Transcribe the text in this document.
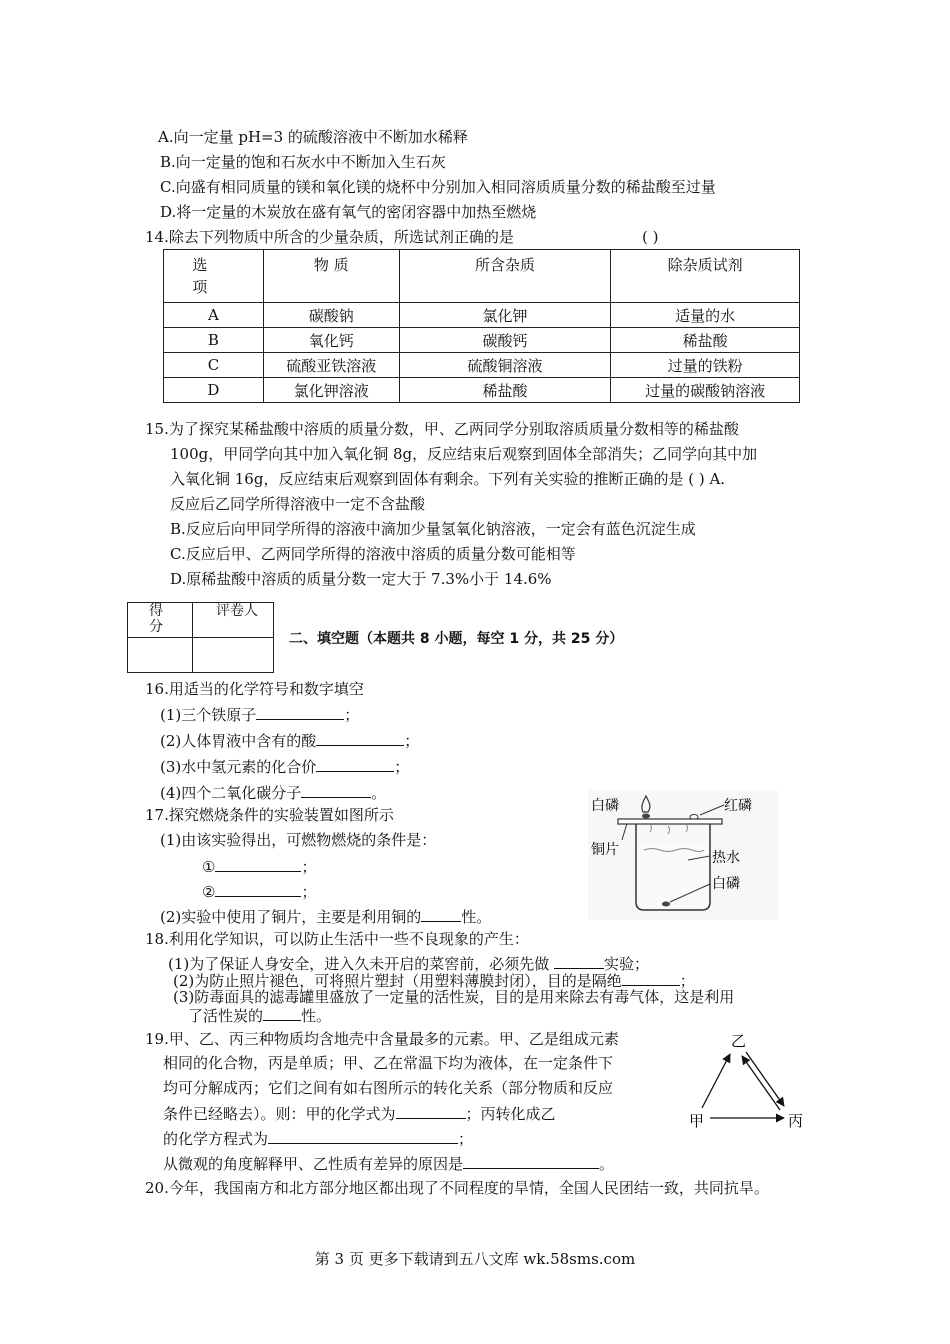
A.向一定量 pH=3 的硫酸溶液中不断加水稀释
B.向一定量的饱和石灰水中不断加入生石灰
C.向盛有相同质量的镁和氧化镁的烧杯中分别加入相同溶质质量分数的稀盐酸至过量
D.将一定量的木炭放在盛有氧气的密闭容器中加热至燃烧
14.除去下列物质中所含的少量杂质，所选试剂正确的是	( )
选项	物 质	所含杂质	除杂质试剂
A	碳酸钠	氯化钾	适量的水
B	氧化钙	碳酸钙	稀盐酸
C	硫酸亚铁溶液	硫酸铜溶液	过量的铁粉
D	氯化钾溶液	稀盐酸	过量的碳酸钠溶液
15.为了探究某稀盐酸中溶质的质量分数，甲、乙两同学分别取溶质质量分数相等的稀盐酸
100g，甲同学向其中加入氧化铜 8g，反应结束后观察到固体全部消失；乙同学向其中加
入氧化铜 16g，反应结束后观察到固体有剩余。下列有关实验的推断正确的是 ( ) A.
反应后乙同学所得溶液中一定不含盐酸
B.反应后向甲同学所得的溶液中滴加少量氢氧化钠溶液，一定会有蓝色沉淀生成
C.反应后甲、乙两同学所得的溶液中溶质的质量分数可能相等
D.原稀盐酸中溶质的质量分数一定大于 7.3%小于 14.6%
得分	评卷人

二、填空题（本题共 8 小题，每空 1 分，共 25 分）
16.用适当的化学符号和数字填空
(1)三个铁原子	；
(2)人体胃液中含有的酸	；
(3)水中氢元素的化合价	；
(4)四个二氧化碳分子	。
17.探究燃烧条件的实验装置如图所示
(1)由该实验得出，可燃物燃烧的条件是：
①	；
②	；
(2)实验中使用了铜片，主要是利用铜的	性。
白磷	红磷
铜片	热水
白磷
18.利用化学知识，可以防止生活中一些不良现象的产生：
(1)为了保证人身安全，进入久未开启的菜窖前，必须先做	实验；
(2)为防止照片褪色，可将照片塑封（用塑料薄膜封闭），目的是隔绝	；
(3)防毒面具的滤毒罐里盛放了一定量的活性炭，目的是用来除去有毒气体，这是利用
了活性炭的	性。
19.甲、乙、丙三种物质均含地壳中含量最多的元素。甲、乙是组成元素
相同的化合物，丙是单质；甲、乙在常温下均为液体，在一定条件下
均可分解成丙；它们之间有如右图所示的转化关系（部分物质和反应
条件已经略去）。则：甲的化学式为	；丙转化成乙
的化学方程式为	；
从微观的角度解释甲、乙性质有差异的原因是	。
乙
甲	丙
20.今年，我国南方和北方部分地区都出现了不同程度的旱情，全国人民团结一致，共同抗旱。
第 3 页 更多下载请到五八文库 wk.58sms.com
